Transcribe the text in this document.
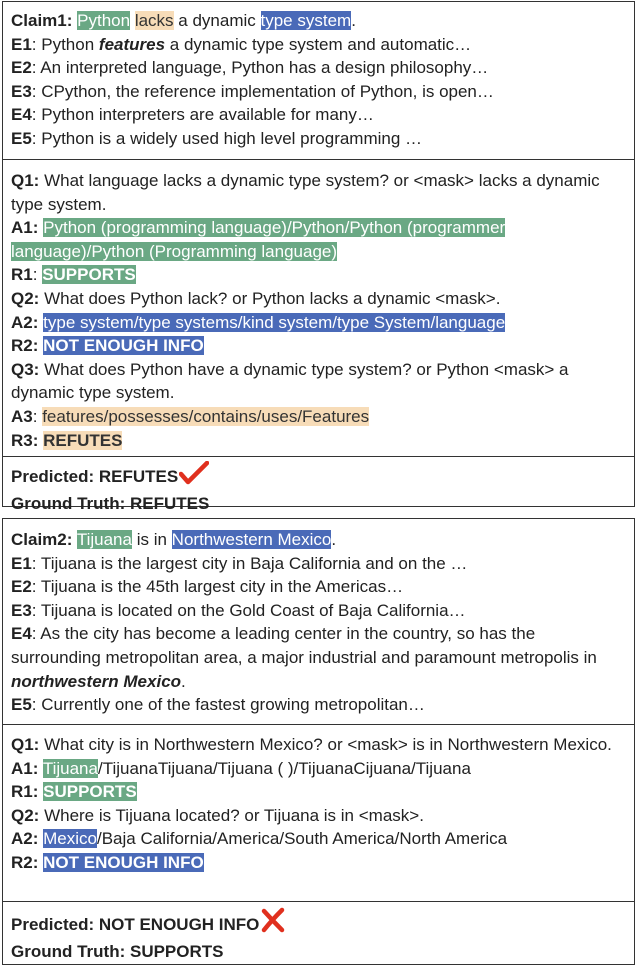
Claim1: Python lacks a dynamic type system.
E1: Python features a dynamic type system and automatic…
E2: An interpreted language, Python has a design philosophy…
E3: CPython, the reference implementation of Python, is open…
E4: Python interpreters are available for many…
E5: Python is a widely used high level programming …
Q1: What language lacks a dynamic type system? or <mask> lacks a dynamic type system.
A1: Python (programming language)/Python/Python (programmer language)/Python (Programming language)
R1: SUPPORTS
Q2: What does Python lack? or Python lacks a dynamic <mask>.
A2: type system/type systems/kind system/type System/language
R2: NOT ENOUGH INFO
Q3: What does Python have a dynamic type system? or Python <mask> a dynamic type system.
A3: features/possesses/contains/uses/Features
R3: REFUTES
Predicted: REFUTES
Ground Truth: REFUTES
Claim2: Tijuana is in Northwestern Mexico.
E1: Tijuana is the largest city in Baja California and on the …
E2: Tijuana is the 45th largest city in the Americas…
E3: Tijuana is located on the Gold Coast of Baja California…
E4: As the city has become a leading center in the country, so has the surrounding metropolitan area, a major industrial and paramount metropolis in northwestern Mexico.
E5: Currently one of the fastest growing metropolitan…
Q1: What city is in Northwestern Mexico? or <mask> is in Northwestern Mexico.
A1: Tijuana/TijuanaTijuana/Tijuana ( )/TijuanaCijuana/Tijuana
R1: SUPPORTS
Q2: Where is Tijuana located? or Tijuana is in <mask>.
A2: Mexico/Baja California/America/South America/North America
R2: NOT ENOUGH INFO
Predicted: NOT ENOUGH INFO
Ground Truth: SUPPORTS
